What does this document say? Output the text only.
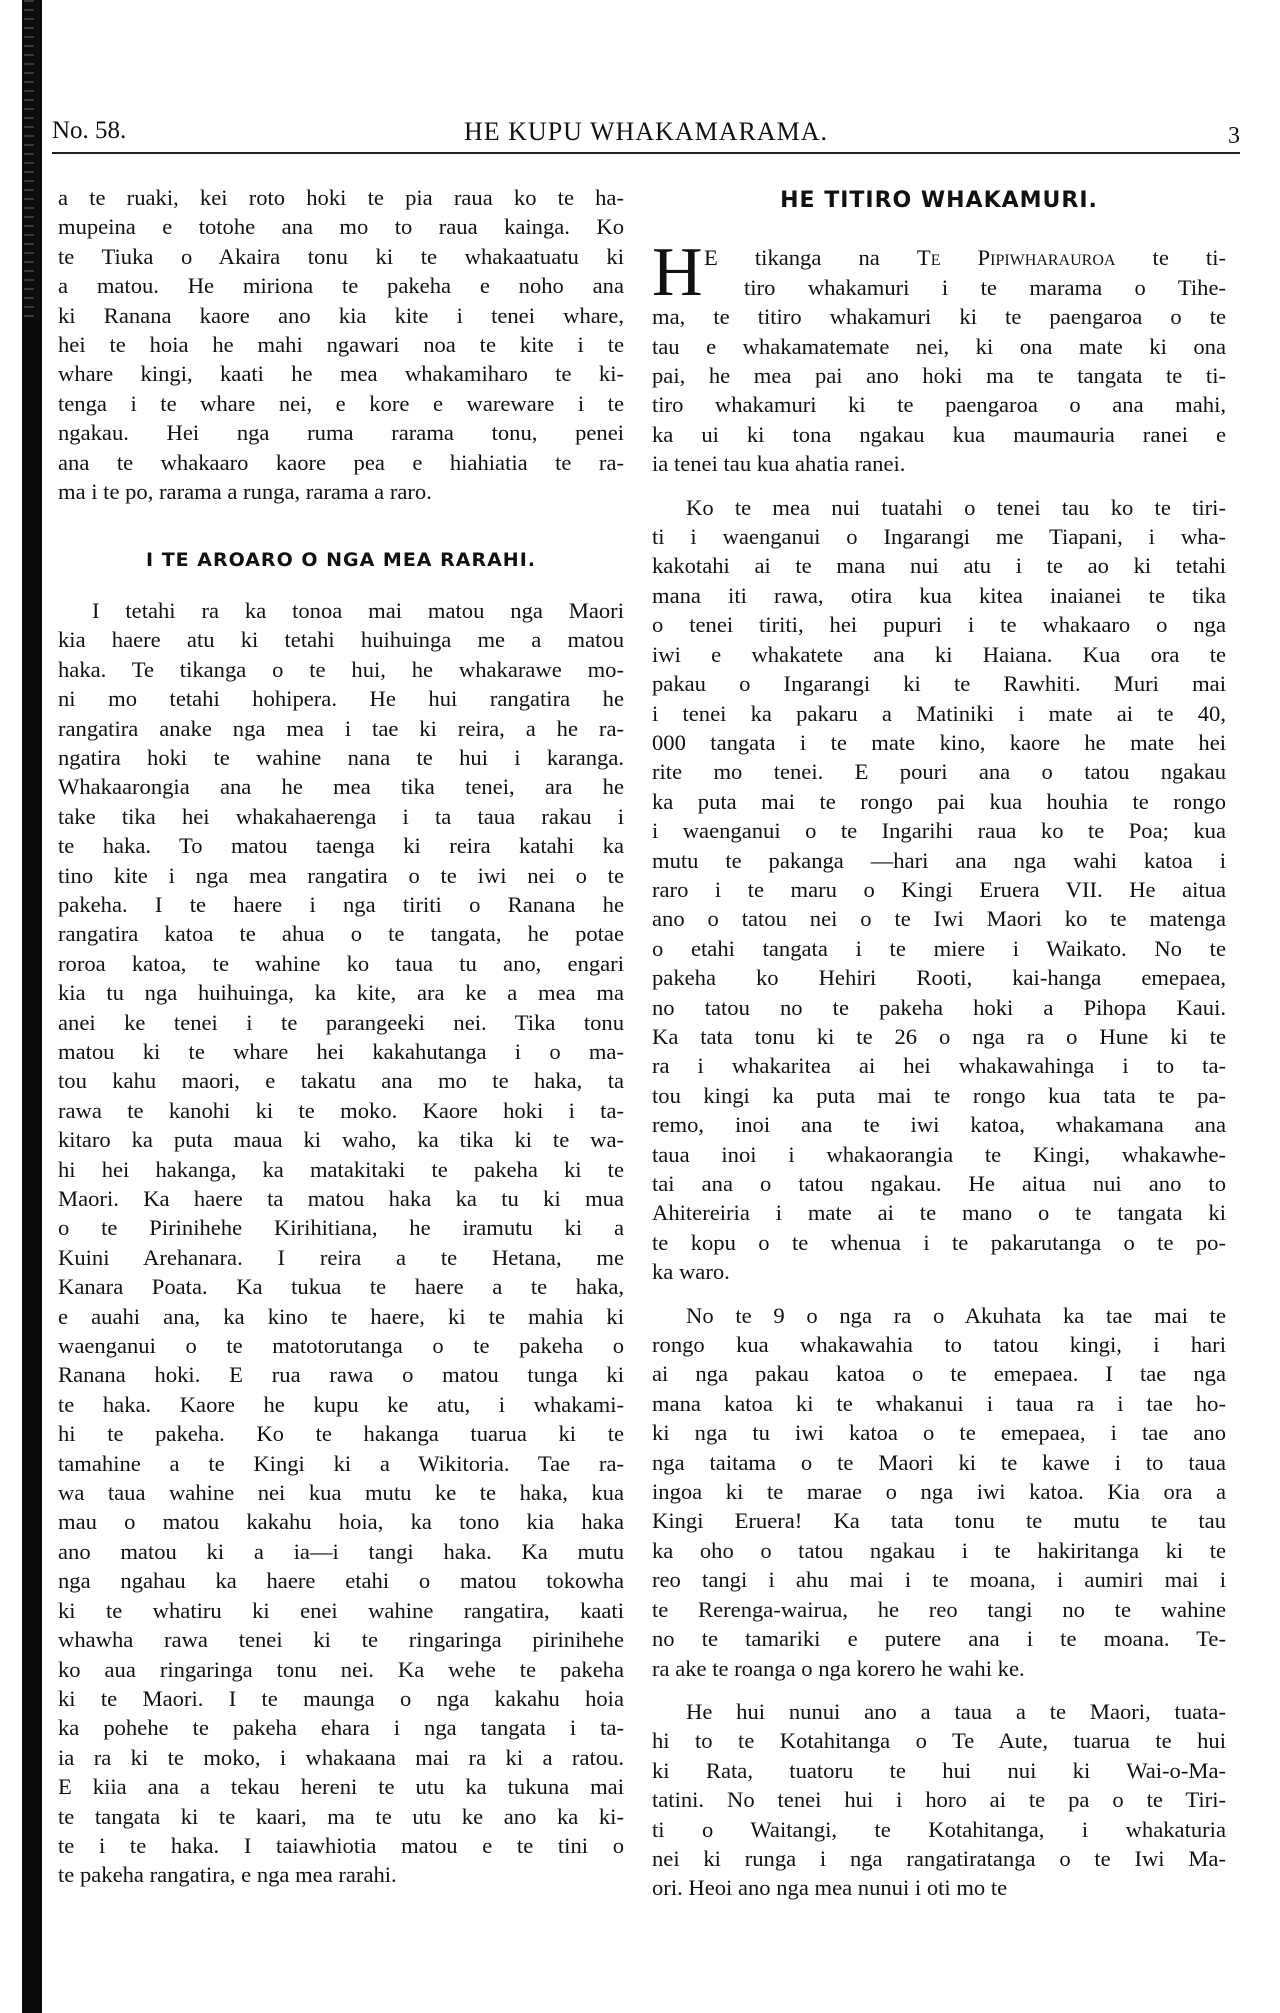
No. 58.	HE KUPU WHAKAMARAMA.	3
a te ruaki, kei roto hoki te pia raua ko te ha-
mupeina e totohe ana mo to raua kainga. Ko
te Tiuka o Akaira tonu ki te whakaatuatu ki
a matou. He miriona te pakeha e noho ana
ki Ranana kaore ano kia kite i tenei whare,
hei te hoia he mahi ngawari noa te kite i te
whare kingi, kaati he mea whakamiharo te ki-
tenga i te whare nei, e kore e wareware i te
ngakau. Hei nga ruma rarama tonu, penei
ana te whakaaro kaore pea e hiahiatia te ra-
ma i te po, rarama a runga, rarama a raro.
I TE AROARO O NGA MEA RARAHI.
I tetahi ra ka tonoa mai matou nga Maori
kia haere atu ki tetahi huihuinga me a matou
haka. Te tikanga o te hui, he whakarawe mo-
ni mo tetahi hohipera. He hui rangatira he
rangatira anake nga mea i tae ki reira, a he ra-
ngatira hoki te wahine nana te hui i karanga.
Whakaarongia ana he mea tika tenei, ara he
take tika hei whakahaerenga i ta taua rakau i
te haka. To matou taenga ki reira katahi ka
tino kite i nga mea rangatira o te iwi nei o te
pakeha. I te haere i nga tiriti o Ranana he
rangatira katoa te ahua o te tangata, he potae
roroa katoa, te wahine ko taua tu ano, engari
kia tu nga huihuinga, ka kite, ara ke a mea ma
anei ke tenei i te parangeeki nei. Tika tonu
matou ki te whare hei kakahutanga i o ma-
tou kahu maori, e takatu ana mo te haka, ta
rawa te kanohi ki te moko. Kaore hoki i ta-
kitaro ka puta maua ki waho, ka tika ki te wa-
hi hei hakanga, ka matakitaki te pakeha ki te
Maori. Ka haere ta matou haka ka tu ki mua
o te Pirinihehe Kirihitiana, he iramutu ki a
Kuini Arehanara. I reira a te Hetana, me
Kanara Poata. Ka tukua te haere a te haka,
e auahi ana, ka kino te haere, ki te mahia ki
waenganui o te matotorutanga o te pakeha o
Ranana hoki. E rua rawa o matou tunga ki
te haka. Kaore he kupu ke atu, i whakami-
hi te pakeha. Ko te hakanga tuarua ki te
tamahine a te Kingi ki a Wikitoria. Tae ra-
wa taua wahine nei kua mutu ke te haka, kua
mau o matou kakahu hoia, ka tono kia haka
ano matou ki a ia—i tangi haka. Ka mutu
nga ngahau ka haere etahi o matou tokowha
ki te whatiru ki enei wahine rangatira, kaati
whawha rawa tenei ki te ringaringa pirinihehe
ko aua ringaringa tonu nei. Ka wehe te pakeha
ki te Maori. I te maunga o nga kakahu hoia
ka pohehe te pakeha ehara i nga tangata i ta-
ia ra ki te moko, i whakaana mai ra ki a ratou.
E kiia ana a tekau hereni te utu ka tukuna mai
te tangata ki te kaari, ma te utu ke ano ka ki-
te i te haka. I taiawhiotia matou e te tini o
te pakeha rangatira, e nga mea rarahi.
HE TITIRO WHAKAMURI.
H E tikanga na Te Pipiwharauroa te ti-
tiro whakamuri i te marama o Tihe-
ma, te titiro whakamuri ki te paengaroa o te
tau e whakamatemate nei, ki ona mate ki ona
pai, he mea pai ano hoki ma te tangata te ti-
tiro whakamuri ki te paengaroa o ana mahi,
ka ui ki tona ngakau kua maumauria ranei e
ia tenei tau kua ahatia ranei.
Ko te mea nui tuatahi o tenei tau ko te tiri-
ti i waenganui o Ingarangi me Tiapani, i wha-
kakotahi ai te mana nui atu i te ao ki tetahi
mana iti rawa, otira kua kitea inaianei te tika
o tenei tiriti, hei pupuri i te whakaaro o nga
iwi e whakatete ana ki Haiana. Kua ora te
pakau o Ingarangi ki te Rawhiti. Muri mai
i tenei ka pakaru a Matiniki i mate ai te 40,
000 tangata i te mate kino, kaore he mate hei
rite mo tenei. E pouri ana o tatou ngakau
ka puta mai te rongo pai kua houhia te rongo
i waenganui o te Ingarihi raua ko te Poa; kua
mutu te pakanga —hari ana nga wahi katoa i
raro i te maru o Kingi Eruera VII. He aitua
ano o tatou nei o te Iwi Maori ko te matenga
o etahi tangata i te miere i Waikato. No te
pakeha ko Hehiri Rooti, kai-hanga emepaea,
no tatou no te pakeha hoki a Pihopa Kaui.
Ka tata tonu ki te 26 o nga ra o Hune ki te
ra i whakaritea ai hei whakawahinga i to ta-
tou kingi ka puta mai te rongo kua tata te pa-
remo, inoi ana te iwi katoa, whakamana ana
taua inoi i whakaorangia te Kingi, whakawhe-
tai ana o tatou ngakau. He aitua nui ano to
Ahitereiria i mate ai te mano o te tangata ki
te kopu o te whenua i te pakarutanga o te po-
ka waro.
No te 9 o nga ra o Akuhata ka tae mai te
rongo kua whakawahia to tatou kingi, i hari
ai nga pakau katoa o te emepaea. I tae nga
mana katoa ki te whakanui i taua ra i tae ho-
ki nga tu iwi katoa o te emepaea, i tae ano
nga taitama o te Maori ki te kawe i to taua
ingoa ki te marae o nga iwi katoa. Kia ora a
Kingi Eruera! Ka tata tonu te mutu te tau
ka oho o tatou ngakau i te hakiritanga ki te
reo tangi i ahu mai i te moana, i aumiri mai i
te Rerenga-wairua, he reo tangi no te wahine
no te tamariki e putere ana i te moana. Te-
ra ake te roanga o nga korero he wahi ke.
He hui nunui ano a taua a te Maori, tuata-
hi to te Kotahitanga o Te Aute, tuarua te hui
ki Rata, tuatoru te hui nui ki Wai-o-Ma-
tatini. No tenei hui i horo ai te pa o te Tiri-
ti o Waitangi, te Kotahitanga, i whakaturia
nei ki runga i nga rangatiratanga o te Iwi Ma-
ori. Heoi ano nga mea nunui i oti mo te
